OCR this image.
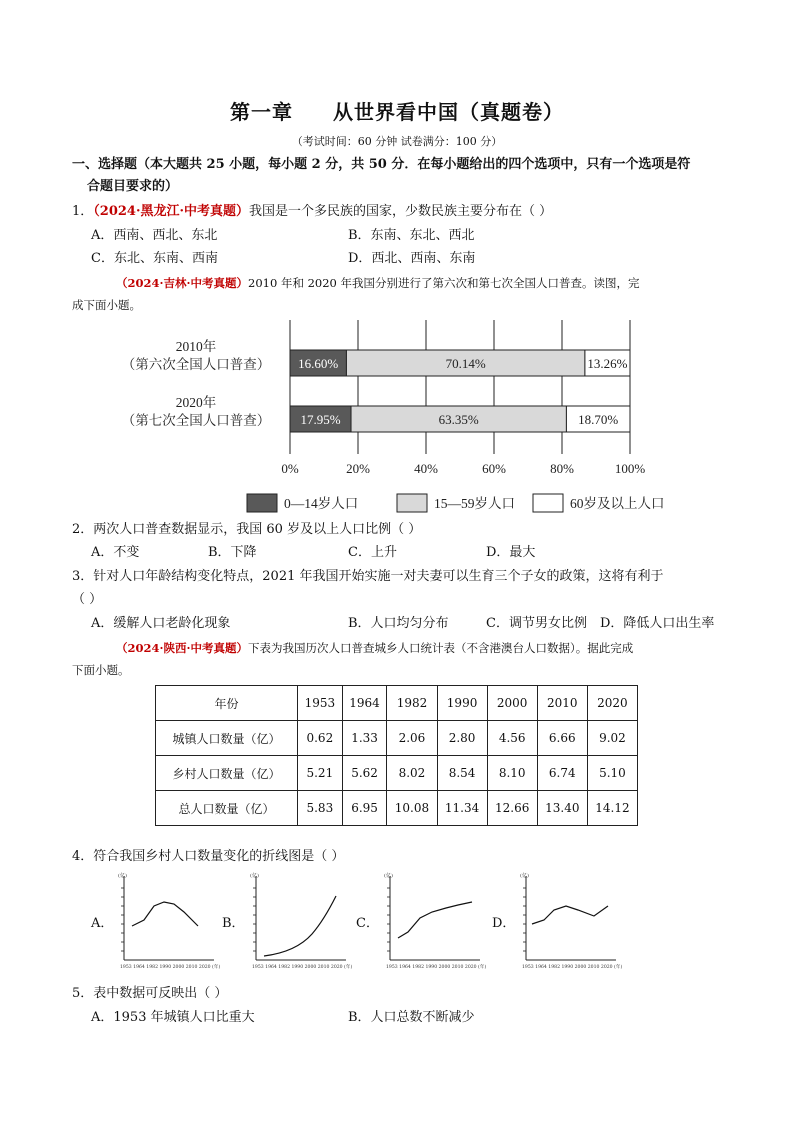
第一章 从世界看中国（真题卷）
（考试时间：60 分钟 试卷满分：100 分）
一、选择题（本大题共 25 小题，每小题 2 分，共 50 分．在每小题给出的四个选项中，只有一个选项是符
合题目要求的）
1．（2024·黑龙江·中考真题）我国是一个多民族的国家，少数民族主要分布在（ ）
A．西南、西北、东北	B．东南、东北、西北
C．东北、东南、西南	D．西北、西南、东南
（2024·吉林·中考真题）2010 年和 2020 年我国分别进行了第六次和第七次全国人口普查。读图，完
成下面小题。
16.60%	70.14%	13.26%
17.95%	63.35%	18.70%
2010年
（第六次全国人口普查）
2020年
（第七次全国人口普查）
0%	20%	40%	60%	80%	100%
0—14岁人口	15—59岁人口	60岁及以上人口
2．两次人口普查数据显示，我国 60 岁及以上人口比例（ ）
A．不变	B．下降	C．上升	D．最大
3．针对人口年龄结构变化特点，2021 年我国开始实施一对夫妻可以生育三个子女的政策，这将有利于
（ ）
A．缓解人口老龄化现象	B．人口均匀分布	C．调节男女比例 D．降低人口出生率
（2024·陕西·中考真题）下表为我国历次人口普查城乡人口统计表（不含港澳台人口数据）。据此完成
下面小题。
年份	1953	1964	1982	1990	2000	2010	2020
城镇人口数量（亿）	0.62	1.33	2.06	2.80	4.56	6.66	9.02
乡村人口数量（亿）	5.21	5.62	8.02	8.54	8.10	6.74	5.10
总人口数量（亿）	5.83	6.95	10.08	11.34	12.66	13.40	14.12
4．符合我国乡村人口数量变化的折线图是（ ）
A．
(亿)
1953 1964 1982 1990 2000 2010 2020 (年)
B．
(亿)
1953 1964 1982 1990 2000 2010 2020 (年)
C．
(亿)
1953 1964 1982 1990 2000 2010 2020 (年)
D．
(亿)
1953 1964 1982 1990 2000 2010 2020 (年)
5．表中数据可反映出（ ）
A．1953 年城镇人口比重大	B．人口总数不断减少
